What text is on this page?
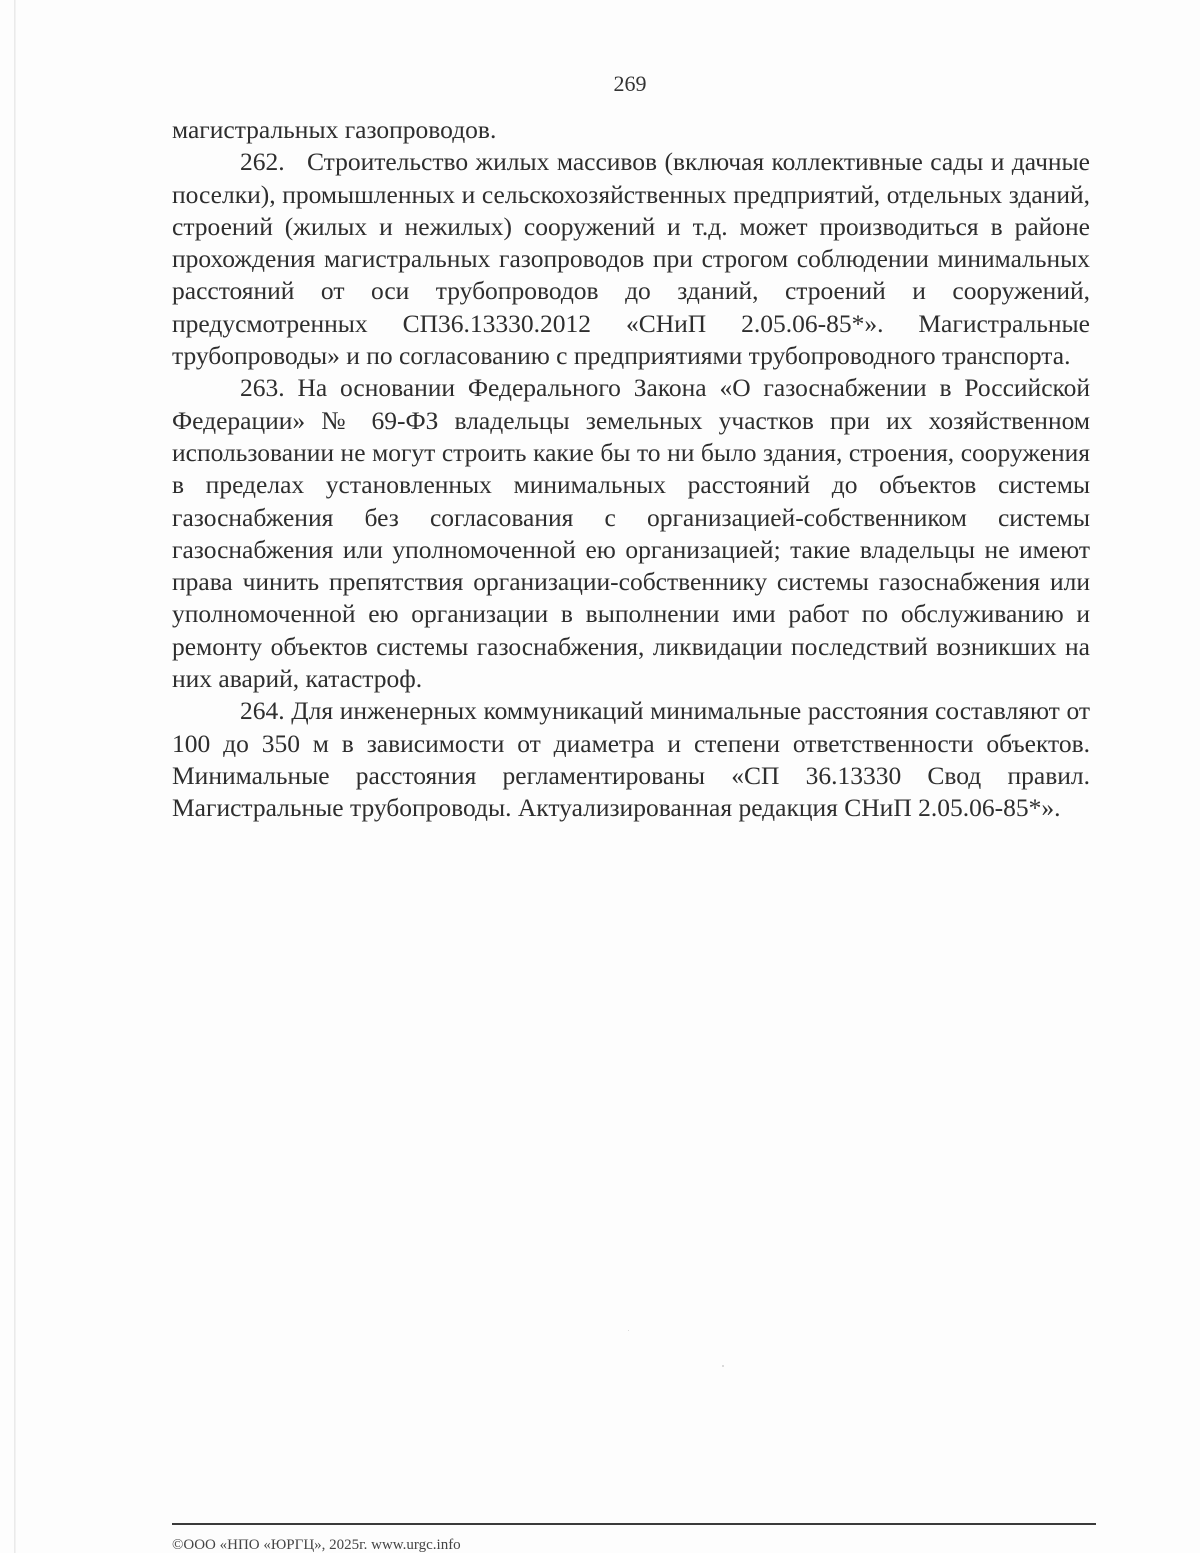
269

магистральных газопроводов.

262. Строительство жилых массивов (включая коллективные сады и дачные поселки), промышленных и сельскохозяйственных предприятий, отдельных зданий, строений (жилых и нежилых) сооружений и т.д. может производиться в районе прохождения магистральных газопроводов при строгом соблюдении минимальных расстояний от оси трубопроводов до зданий, строений и сооружений, предусмотренных СП36.13330.2012 «СНиП 2.05.06-85*». Магистральные трубопроводы» и по согласованию с предприятиями трубопроводного транспорта.

263. На основании Федерального Закона «О газоснабжении в Российской Федерации» № 69-ФЗ владельцы земельных участков при их хозяйственном использовании не могут строить какие бы то ни было здания, строения, сооружения в пределах установленных минимальных расстояний до объектов системы газоснабжения без согласования с организацией-собственником системы газоснабжения или уполномоченной ею организацией; такие владельцы не имеют права чинить препятствия организации-собственнику системы газоснабжения или уполномоченной ею организации в выполнении ими работ по обслуживанию и ремонту объектов системы газоснабжения, ликвидации последствий возникших на них аварий, катастроф.

264. Для инженерных коммуникаций минимальные расстояния составляют от 100 до 350 м в зависимости от диаметра и степени ответственности объектов. Минимальные расстояния регламентированы «СП 36.13330 Свод правил. Магистральные трубопроводы. Актуализированная редакция СНиП 2.05.06-85*».

©ООО «НПО «ЮРГЦ», 2025г. www.urgc.info
